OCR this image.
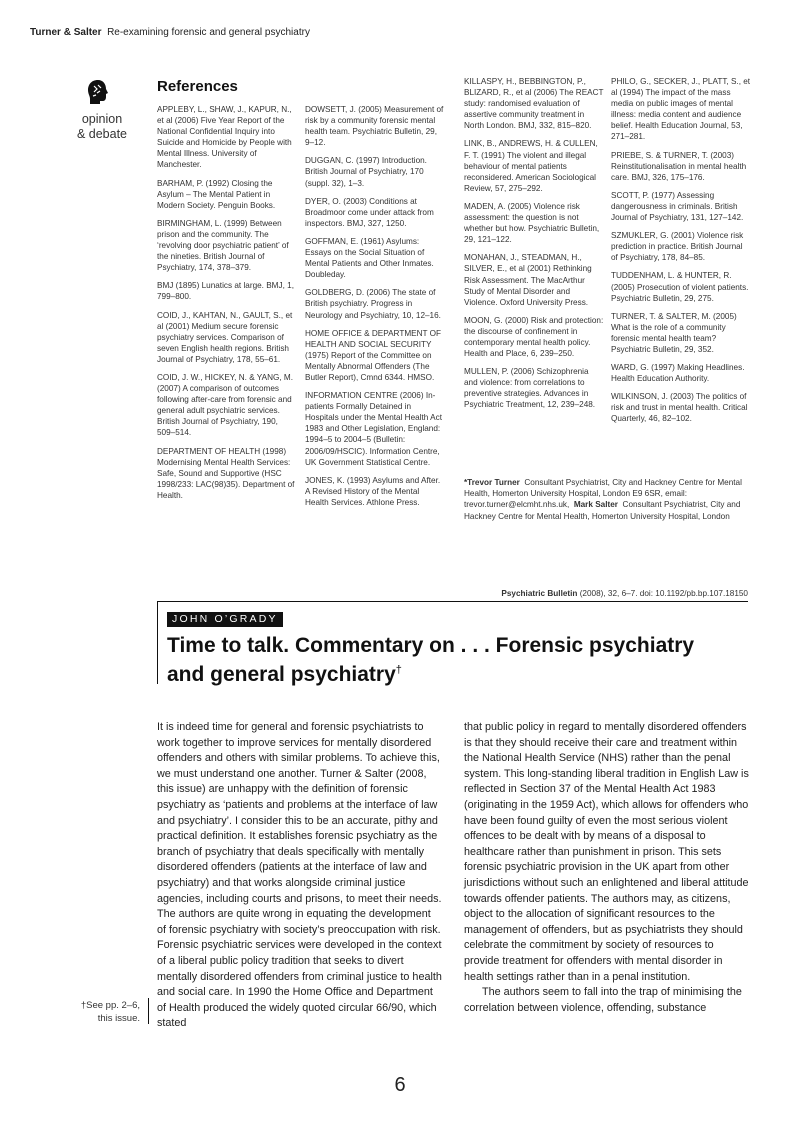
Turner & Salter Re-examining forensic and general psychiatry
opinion
& debate
References
APPLEBY, L., SHAW, J., KAPUR, N., et al (2006) Five Year Report of the National Confidential Inquiry into Suicide and Homicide by People with Mental Illness. University of Manchester.
BARHAM, P. (1992) Closing the Asylum – The Mental Patient in Modern Society. Penguin Books.
BIRMINGHAM, L. (1999) Between prison and the community. The ‘revolving door psychiatric patient’ of the nineties. British Journal of Psychiatry, 174, 378–379.
BMJ (1895) Lunatics at large. BMJ, 1, 799–800.
COID, J., KAHTAN, N., GAULT, S., et al (2001) Medium secure forensic psychiatry services. Comparison of seven English health regions. British Journal of Psychiatry, 178, 55–61.
COID, J. W., HICKEY, N. & YANG, M. (2007) A comparison of outcomes following after-care from forensic and general adult psychiatric services. British Journal of Psychiatry, 190, 509–514.
DEPARTMENT OF HEALTH (1998) Modernising Mental Health Services: Safe, Sound and Supportive (HSC 1998/233: LAC(98)35). Department of Health.
DOWSETT, J. (2005) Measurement of risk by a community forensic mental health team. Psychiatric Bulletin, 29, 9–12.
DUGGAN, C. (1997) Introduction. British Journal of Psychiatry, 170 (suppl. 32), 1–3.
DYER, O. (2003) Conditions at Broadmoor come under attack from inspectors. BMJ, 327, 1250.
GOFFMAN, E. (1961) Asylums: Essays on the Social Situation of Mental Patients and Other Inmates. Doubleday.
GOLDBERG, D. (2006) The state of British psychiatry. Progress in Neurology and Psychiatry, 10, 12–16.
HOME OFFICE & DEPARTMENT OF HEALTH AND SOCIAL SECURITY (1975) Report of the Committee on Mentally Abnormal Offenders (The Butler Report), Cmnd 6344. HMSO.
INFORMATION CENTRE (2006) In-patients Formally Detained in Hospitals under the Mental Health Act 1983 and Other Legislation, England: 1994–5 to 2004–5 (Bulletin: 2006/09/HSCIC). Information Centre, UK Government Statistical Centre.
JONES, K. (1993) Asylums and After. A Revised History of the Mental Health Services. Athlone Press.
KILLASPY, H., BEBBINGTON, P., BLIZARD, R., et al (2006) The REACT study: randomised evaluation of assertive community treatment in North London. BMJ, 332, 815–820.
LINK, B., ANDREWS, H. & CULLEN, F. T. (1991) The violent and illegal behaviour of mental patients reconsidered. American Sociological Review, 57, 275–292.
MADEN, A. (2005) Violence risk assessment: the question is not whether but how. Psychiatric Bulletin, 29, 121–122.
MONAHAN, J., STEADMAN, H., SILVER, E., et al (2001) Rethinking Risk Assessment. The MacArthur Study of Mental Disorder and Violence. Oxford University Press.
MOON, G. (2000) Risk and protection: the discourse of confinement in contemporary mental health policy. Health and Place, 6, 239–250.
MULLEN, P. (2006) Schizophrenia and violence: from correlations to preventive strategies. Advances in Psychiatric Treatment, 12, 239–248.
PHILO, G., SECKER, J., PLATT, S., et al (1994) The impact of the mass media on public images of mental illness: media content and audience belief. Health Education Journal, 53, 271–281.
PRIEBE, S. & TURNER, T. (2003) Reinstitutionalisation in mental health care. BMJ, 326, 175–176.
SCOTT, P. (1977) Assessing dangerousness in criminals. British Journal of Psychiatry, 131, 127–142.
SZMUKLER, G. (2001) Violence risk prediction in practice. British Journal of Psychiatry, 178, 84–85.
TUDDENHAM, L. & HUNTER, R. (2005) Prosecution of violent patients. Psychiatric Bulletin, 29, 275.
TURNER, T. & SALTER, M. (2005) What is the role of a community forensic mental health team? Psychiatric Bulletin, 29, 352.
WARD, G. (1997) Making Headlines. Health Education Authority.
WILKINSON, J. (2003) The politics of risk and trust in mental health. Critical Quarterly, 46, 82–102.
*Trevor Turner Consultant Psychiatrist, City and Hackney Centre for Mental Health, Homerton University Hospital, London E9 6SR, email: trevor.turner@elcmht.nhs.uk, Mark Salter Consultant Psychiatrist, City and Hackney Centre for Mental Health, Homerton University Hospital, London
Psychiatric Bulletin (2008), 32, 6–7. doi: 10.1192/pb.bp.107.18150
JOHN O’GRADY
Time to talk. Commentary on . . . Forensic psychiatry
and general psychiatry†

It is indeed time for general and forensic psychiatrists to work together to improve services for mentally disordered offenders and others with similar problems. To achieve this, we must understand one another. Turner & Salter (2008, this issue) are unhappy with the definition of forensic psychiatry as ‘patients and problems at the interface of law and psychiatry’. I consider this to be an accurate, pithy and practical definition. It establishes forensic psychiatry as the branch of psychiatry that deals specifically with mentally disordered offenders (patients at the interface of law and psychiatry) and that works alongside criminal justice agencies, including courts and prisons, to meet their needs. The authors are quite wrong in equating the development of forensic psychiatry with society’s preoccupation with risk. Forensic psychiatric services were developed in the context of a liberal public policy tradition that seeks to divert mentally disordered offenders from criminal justice to health and social care. In 1990 the Home Office and Department of Health produced the widely quoted circular 66/90, which stated

that public policy in regard to mentally disordered offenders is that they should receive their care and treatment within the National Health Service (NHS) rather than the penal system. This long-standing liberal tradition in English Law is reflected in Section 37 of the Mental Health Act 1983 (originating in the 1959 Act), which allows for offenders who have been found guilty of even the most serious violent offences to be dealt with by means of a disposal to healthcare rather than punishment in prison. This sets forensic psychiatric provision in the UK apart from other jurisdictions without such an enlightened and liberal attitude towards offender patients. The authors may, as citizens, object to the allocation of significant resources to the management of offenders, but as psychiatrists they should celebrate the commitment by society of resources to provide treatment for offenders with mental disorder in health settings rather than in a penal institution.

The authors seem to fall into the trap of minimising the correlation between violence, offending, substance

†See pp. 2–6,
this issue.
6
